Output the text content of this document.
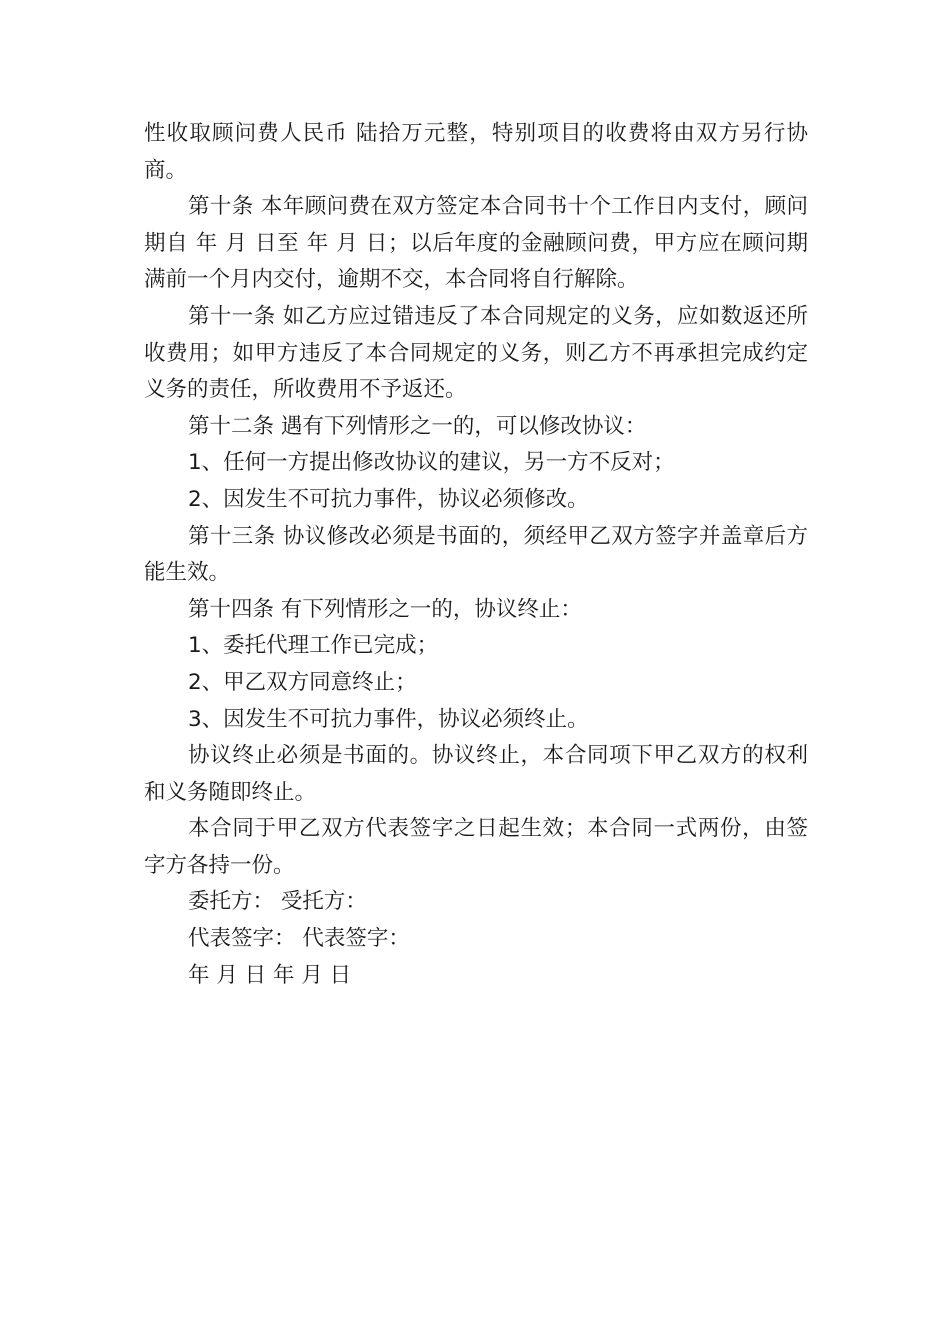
性收取顾问费人民币 陆拾万元整，特别项目的收费将由双方另行协商。

第十条 本年顾问费在双方签定本合同书十个工作日内支付，顾问期自 年 月 日至 年 月 日；以后年度的金融顾问费，甲方应在顾问期满前一个月内交付，逾期不交，本合同将自行解除。

第十一条 如乙方应过错违反了本合同规定的义务，应如数返还所收费用；如甲方违反了本合同规定的义务，则乙方不再承担完成约定义务的责任，所收费用不予返还。

第十二条 遇有下列情形之一的，可以修改协议：

1、任何一方提出修改协议的建议，另一方不反对；

2、因发生不可抗力事件，协议必须修改。

第十三条 协议修改必须是书面的，须经甲乙双方签字并盖章后方能生效。

第十四条 有下列情形之一的，协议终止：

1、委托代理工作已完成；

2、甲乙双方同意终止；

3、因发生不可抗力事件，协议必须终止。

协议终止必须是书面的。协议终止，本合同项下甲乙双方的权利和义务随即终止。

本合同于甲乙双方代表签字之日起生效；本合同一式两份，由签字方各持一份。

委托方： 受托方：

代表签字： 代表签字：

年 月 日 年 月 日
